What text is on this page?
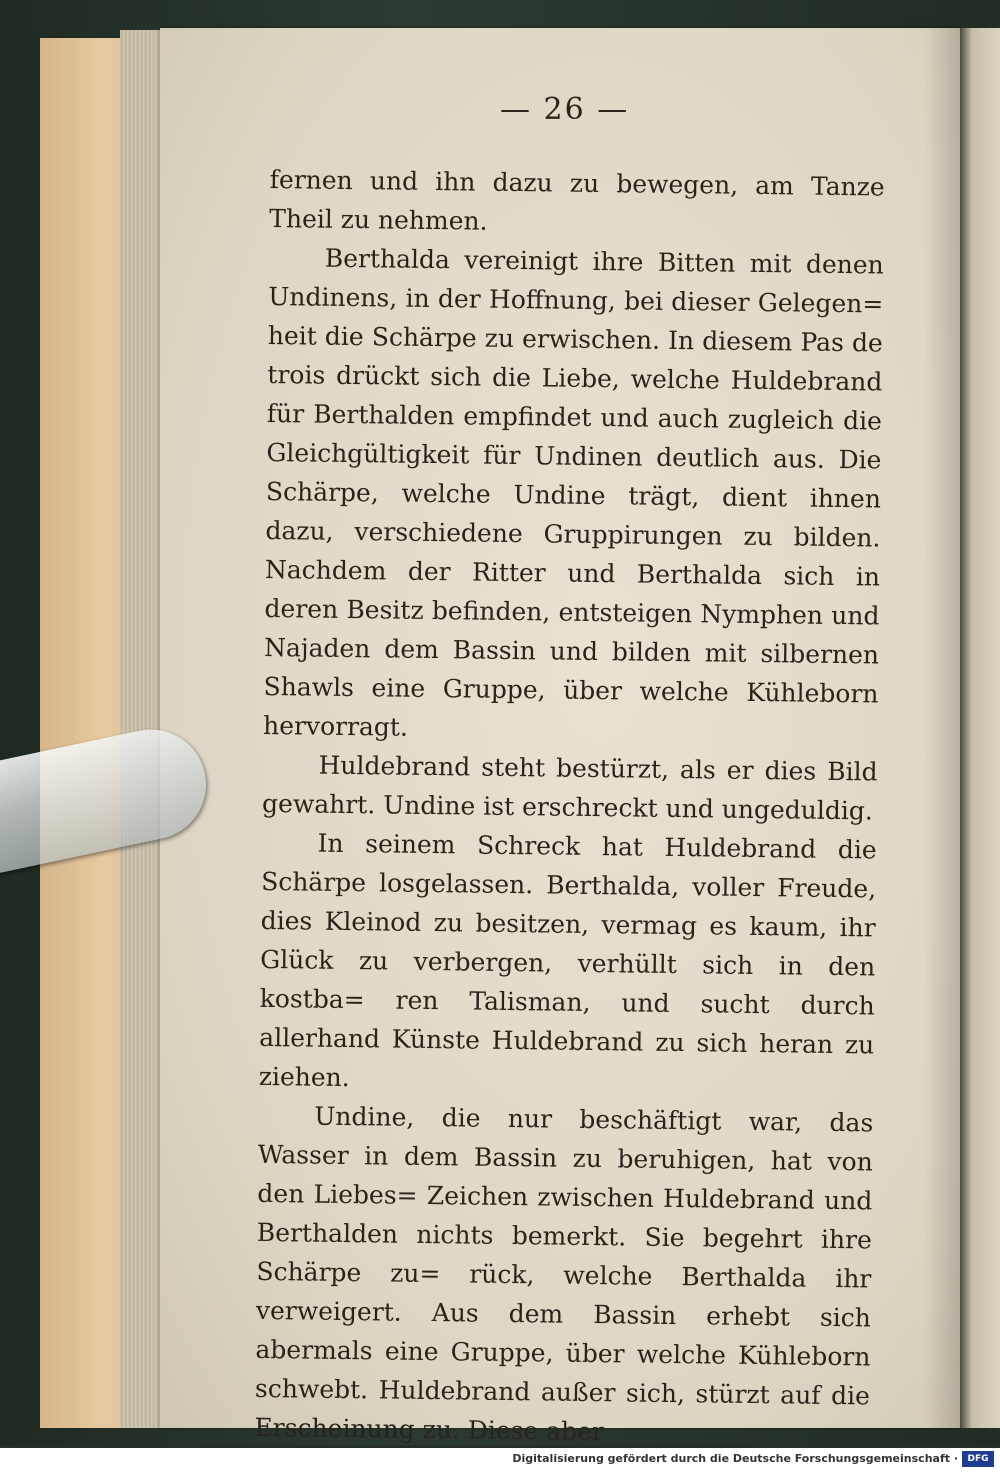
— 26 —

fernen und ihn dazu zu bewegen, am Tanze Theil zu nehmen.

Berthalda vereinigt ihre Bitten mit denen Undinens, in der Hoffnung, bei dieser Gelegen= heit die Schärpe zu erwischen. In diesem Pas de trois drückt sich die Liebe, welche Huldebrand für Berthalden empfindet und auch zugleich die Gleichgültigkeit für Undinen deutlich aus. Die Schärpe, welche Undine trägt, dient ihnen dazu, verschiedene Gruppirungen zu bilden. Nachdem der Ritter und Berthalda sich in deren Besitz befinden, entsteigen Nymphen und Najaden dem Bassin und bilden mit silbernen Shawls eine Gruppe, über welche Kühleborn hervorragt.

Huldebrand steht bestürzt, als er dies Bild gewahrt. Undine ist erschreckt und ungeduldig.

In seinem Schreck hat Huldebrand die Schärpe losgelassen. Berthalda, voller Freude, dies Kleinod zu besitzen, vermag es kaum, ihr Glück zu verbergen, verhüllt sich in den kostba= ren Talisman, und sucht durch allerhand Künste Huldebrand zu sich heran zu ziehen.

Undine, die nur beschäftigt war, das Wasser in dem Bassin zu beruhigen, hat von den Liebes= Zeichen zwischen Huldebrand und Berthalden nichts bemerkt. Sie begehrt ihre Schärpe zu= rück, welche Berthalda ihr verweigert. Aus dem Bassin erhebt sich abermals eine Gruppe, über welche Kühleborn schwebt. Huldebrand außer sich, stürzt auf die Erscheinung zu. Diese aber

Digitalisierung gefördert durch die Deutsche Forschungsgemeinschaft ·	DFG
